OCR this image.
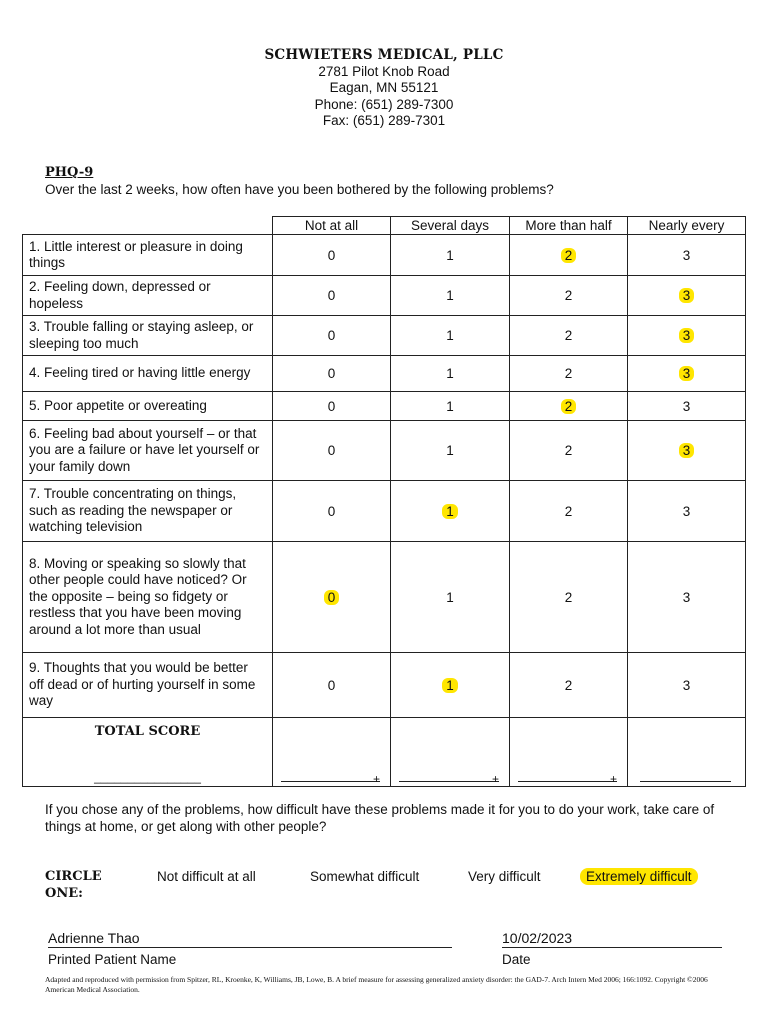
SCHWIETERS MEDICAL, PLLC
2781 Pilot Knob Road
Eagan, MN 55121
Phone: (651) 289-7300
Fax: (651) 289-7301
PHQ-9
Over the last 2 weeks, how often have you been bothered by the following problems?
	Not at all	Several days	More than half	Nearly every
1. Little interest or pleasure in doing things	0	1	2	3
2. Feeling down, depressed or hopeless	0	1	2	3
3. Trouble falling or staying asleep, or sleeping too much	0	1	2	3
4. Feeling tired or having little energy	0	1	2	3
5. Poor appetite or overeating	0	1	2	3
6. Feeling bad about yourself – or that you are a failure or have let yourself or your family down	0	1	2	3
7. Trouble concentrating on things, such as reading the newspaper or watching television	0	1	2	3
8. Moving or speaking so slowly that other people could have noticed? Or the opposite – being so fidgety or restless that you have been moving around a lot more than usual	0	1	2	3
9. Thoughts that you would be better off dead or of hurting yourself in some way	0	1	2	3

TOTAL SCORE
________________	+	+	+	

If you chose any of the problems, how difficult have these problems made it for you to do your work, take care of things at home, or get along with other people?
CIRCLE ONE:
Not difficult at all	Somewhat difficult	Very difficult	Extremely difficult
Adrienne Thao	10/02/2023
Printed Patient Name	Date
Adapted and reproduced with permission from Spitzer, RL, Kroenke, K, Williams, JB, Lowe, B. A brief measure for assessing generalized anxiety disorder: the GAD-7. Arch Intern Med 2006; 166:1092. Copyright ©2006 American Medical Association.
